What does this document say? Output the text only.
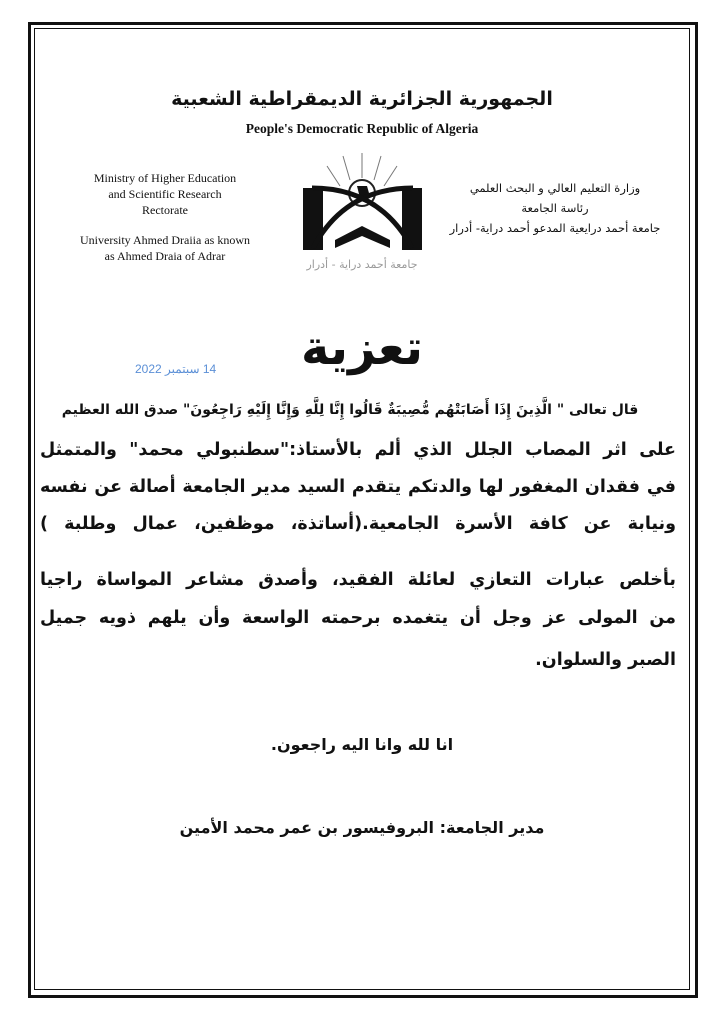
الجمهورية الجزائرية الديمقراطية الشعبية
People's Democratic Republic of Algeria
Ministry of Higher Education
and Scientific Research
Rectorate
University Ahmed Draiia as known
as Ahmed Draia of Adrar
وزارة التعليم العالي و البحث العلمي
رئاسة الجامعة
جامعة أحمد درايعية المدعو أحمد دراية- أدرار
جامعة أحمد دراية - أدرار
تعزية
14 سبتمبر 2022
قال تعالى " الَّذِينَ إِذَا أَصَابَتْهُم مُّصِيبَةٌ قَالُوا إِنَّا لِلَّهِ وَإِنَّا إِلَيْهِ رَاجِعُونَ" صدق الله العظيم
على اثر المصاب الجلل الذي ألم بالأستاذ:"سطنبولي محمد" والمتمثل
في فقدان المغفور لها والدتكم يتقدم السيد مدير الجامعة أصالة عن نفسه
ونيابة عن كافة الأسرة الجامعية.(أساتذة، موظفين، عمال وطلبة )
بأخلص عبارات التعازي لعائلة الفقيد، وأصدق مشاعر المواساة راجيا
من المولى عز وجل أن يتغمده برحمته الواسعة وأن يلهم ذويه جميل
الصبر والسلوان.
انا لله وانا اليه راجعون.
مدير الجامعة: البروفيسور بن عمر محمد الأمين
